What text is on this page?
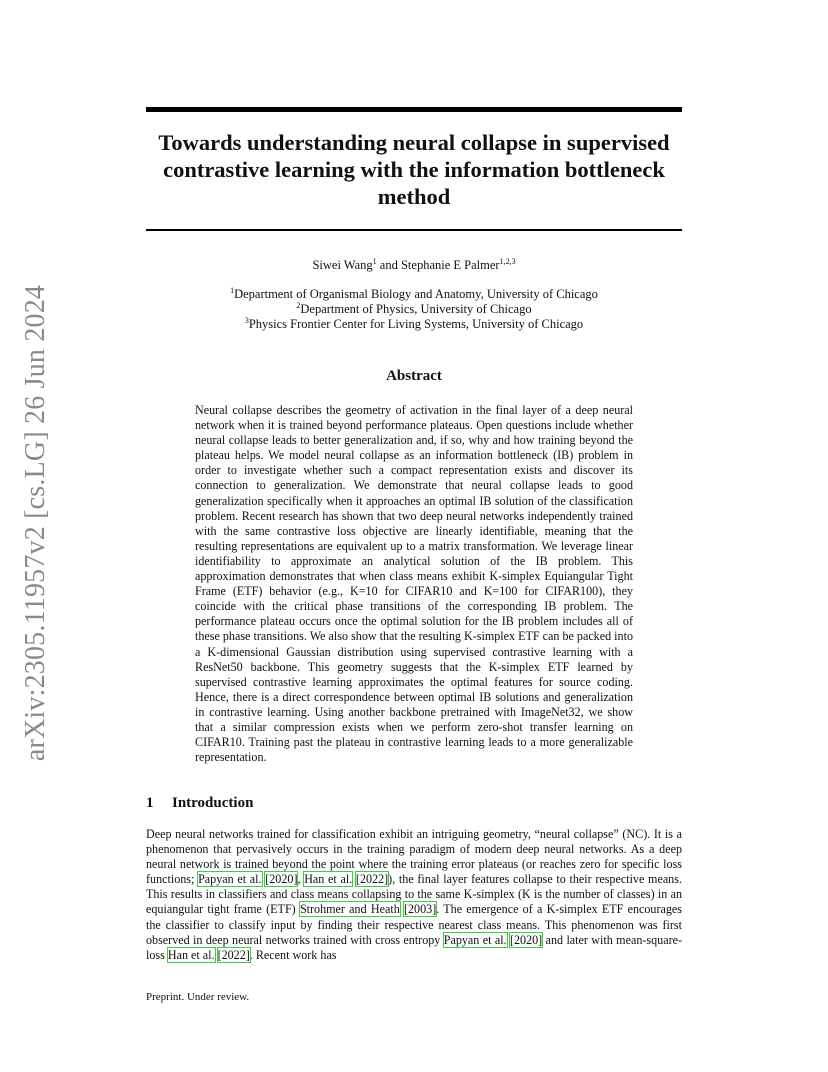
arXiv:2305.11957v2 [cs.LG] 26 Jun 2024
Towards understanding neural collapse in supervised contrastive learning with the information bottleneck method
Siwei Wang$^1$ and Stephanie E Palmer$^{1,2,3}$
$^1$Department of Organismal Biology and Anatomy, University of Chicago
$^2$Department of Physics, University of Chicago
$^3$Physics Frontier Center for Living Systems, University of Chicago
Abstract
Neural collapse describes the geometry of activation in the final layer of a deep neural network when it is trained beyond performance plateaus. Open questions include whether neural collapse leads to better generalization and, if so, why and how training beyond the plateau helps. We model neural collapse as an information bottleneck (IB) problem in order to investigate whether such a compact representation exists and discover its connection to generalization. We demonstrate that neural collapse leads to good generalization specifically when it approaches an optimal IB solution of the classification problem. Recent research has shown that two deep neural networks independently trained with the same contrastive loss objective are linearly identifiable, meaning that the resulting representations are equivalent up to a matrix transformation. We leverage linear identifiability to approximate an analytical solution of the IB problem. This approximation demonstrates that when class means exhibit K-simplex Equiangular Tight Frame (ETF) behavior (e.g., K=10 for CIFAR10 and K=100 for CIFAR100), they coincide with the critical phase transitions of the corresponding IB problem. The performance plateau occurs once the optimal solution for the IB problem includes all of these phase transitions. We also show that the resulting K-simplex ETF can be packed into a K-dimensional Gaussian distribution using supervised contrastive learning with a ResNet50 backbone. This geometry suggests that the K-simplex ETF learned by supervised contrastive learning approximates the optimal features for source coding. Hence, there is a direct correspondence between optimal IB solutions and generalization in contrastive learning. Using another backbone pretrained with ImageNet32, we show that a similar compression exists when we perform zero-shot transfer learning on CIFAR10. Training past the plateau in contrastive learning leads to a more generalizable representation.
1 Introduction
Deep neural networks trained for classification exhibit an intriguing geometry, “neural collapse” (NC). It is a phenomenon that pervasively occurs in the training paradigm of modern deep neural networks. As a deep neural network is trained beyond the point where the training error plateaus (or reaches zero for specific loss functions; Papyan et al. [2020], Han et al. [2022]), the final layer features collapse to their respective means. This results in classifiers and class means collapsing to the same K-simplex (K is the number of classes) in an equiangular tight frame (ETF) Strohmer and Heath [2003]. The emergence of a K-simplex ETF encourages the classifier to classify input by finding their respective nearest class means. This phenomenon was first observed in deep neural networks trained with cross entropy Papyan et al. [2020] and later with mean-square-loss Han et al. [2022]. Recent work has
Preprint. Under review.
